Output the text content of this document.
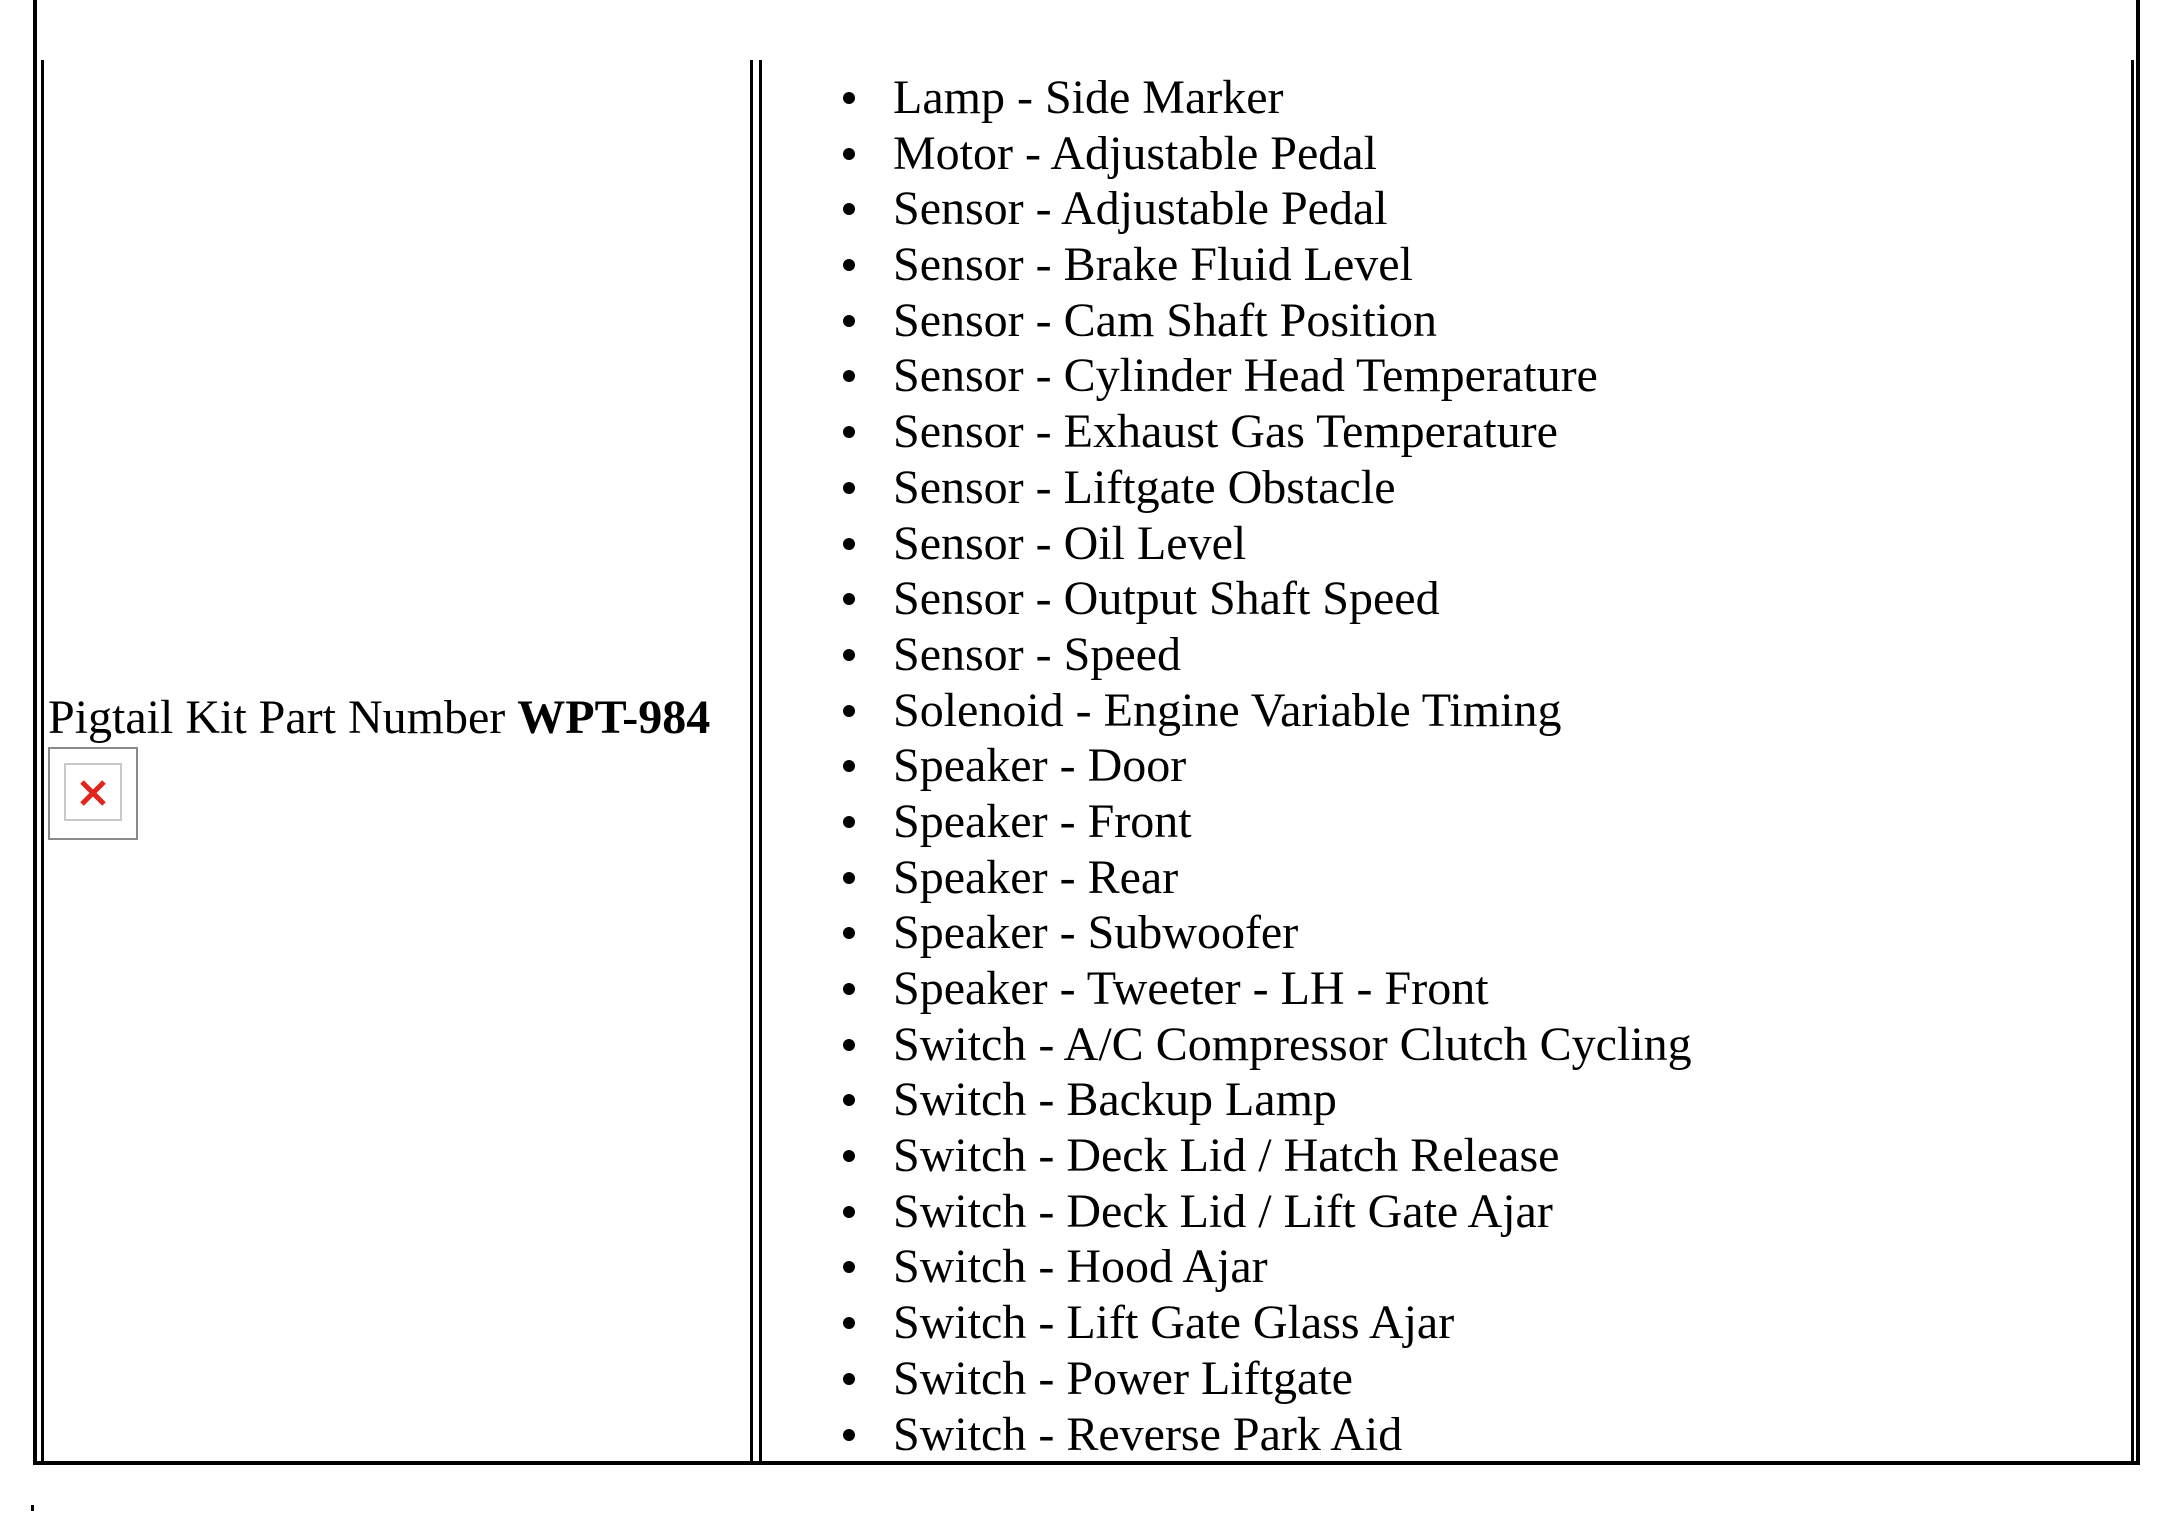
Pigtail Kit Part Number WPT-984
Lamp - Side Marker
Motor - Adjustable Pedal
Sensor - Adjustable Pedal
Sensor - Brake Fluid Level
Sensor - Cam Shaft Position
Sensor - Cylinder Head Temperature
Sensor - Exhaust Gas Temperature
Sensor - Liftgate Obstacle
Sensor - Oil Level
Sensor - Output Shaft Speed
Sensor - Speed
Solenoid - Engine Variable Timing
Speaker - Door
Speaker - Front
Speaker - Rear
Speaker - Subwoofer
Speaker - Tweeter - LH - Front
Switch - A/C Compressor Clutch Cycling
Switch - Backup Lamp
Switch - Deck Lid / Hatch Release
Switch - Deck Lid / Lift Gate Ajar
Switch - Hood Ajar
Switch - Lift Gate Glass Ajar
Switch - Power Liftgate
Switch - Reverse Park Aid
